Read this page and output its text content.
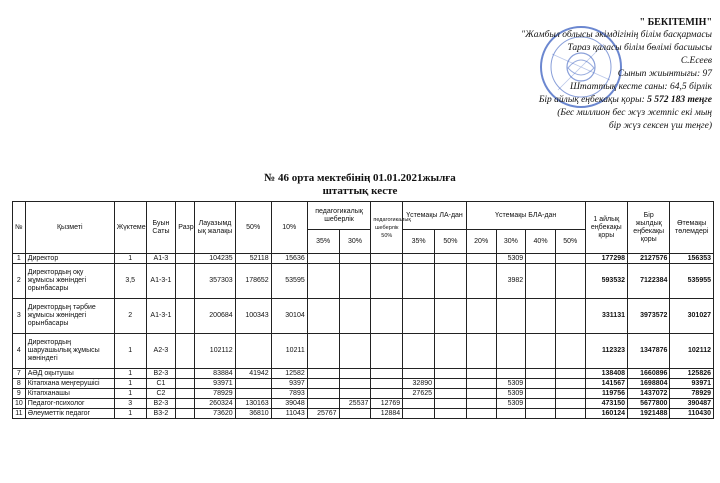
" БЕКІТЕМІН"
"Жамбыл облысы әкімдігінің білім басқармасы
Тараз қаласы білім бөлімі басшысы
С.Есеев
Сынып жиынтығы: 97
Штаттық кесте саны: 64,5 бірлік
Бір айлық еңбекақы қоры: 5 572 183 теңге
(Бес миллион бес жүз жетпіс екі мың
бір жүз сексен үш теңге)
№ 46 орта мектебінің 01.01.2021жылға
штаттық кесте
№	Қызметі	Жүктеме	Буын Саты	Разр	Лауазымд ық жалақы	50%	10%	педагогикалық шеберлік		педагогикалық шеберлік 50%	Үстемақы ЛА-дан		Үстемақы БЛА-дан				1 айлық еңбекақы қоры	Бір жылдық еңбекақы қоры	Өтемақы төлемдері
								35%	30%		35%	50%	20%	30%	40%	50%			
1	Директор	1	А1-3		104235	52118	15636							5309			177298	2127576	156353
2	Директордың оқу жұмысы жөніндегі орынбасары	3,5	А1-3-1		357303	178652	53595							3982			593532	7122384	535955
3	Директордың тәрбие жұмысы жөніндегі орынбасары	2	А1-3-1		200684	100343	30104										331131	3973572	301027
4	Директордың шаруашылық жұмысы жөніндегі	1	А2-3		102112		10211										112323	1347876	102112
7	АӘД оқытушы	1	В2-3		83884	41942	12582										138408	1660896	125826
8	Кітапхана меңгерушісі	1	С1		93971		9397				32890			5309			141567	1698804	93971
9	Кітапханашы	1	С2		78929		7893				27625			5309			119756	1437072	78929
10	Педагог-психолог	3	В2-3		260324	130163	39048		25537	12769				5309			473150	5677800	390487
11	Әлеуметтік педагог	1	В3-2		73620	36810	11043	25767		12884							160124	1921488	110430
